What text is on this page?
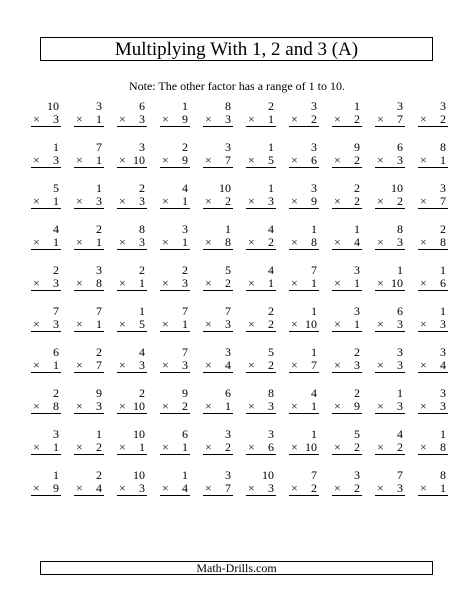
Multiplying With 1, 2 and 3 (A)
Note: The other factor has a range of 1 to 10.
10
× 3
3
× 1
6
× 3
1
× 9
8
× 3
2
× 1
3
× 2
1
× 2
3
× 7
3
× 2
1
× 3
7
× 1
3
× 10
2
× 9
3
× 7
1
× 5
3
× 6
9
× 2
6
× 3
8
× 1
5
× 1
1
× 3
2
× 3
4
× 1
10
× 2
1
× 3
3
× 9
2
× 2
10
× 2
3
× 7
4
× 1
2
× 1
8
× 3
3
× 1
1
× 8
4
× 2
1
× 8
1
× 4
8
× 3
2
× 8
2
× 3
3
× 8
2
× 1
2
× 3
5
× 2
4
× 1
7
× 1
3
× 1
1
× 10
1
× 6
7
× 3
7
× 1
1
× 5
7
× 1
7
× 3
2
× 2
1
× 10
3
× 1
6
× 3
1
× 3
6
× 1
2
× 7
4
× 3
7
× 3
3
× 4
5
× 2
1
× 7
2
× 3
3
× 3
3
× 4
2
× 8
9
× 3
2
× 10
9
× 2
6
× 1
8
× 3
4
× 1
2
× 9
1
× 3
3
× 3
3
× 1
1
× 2
10
× 1
6
× 1
3
× 2
3
× 6
1
× 10
5
× 2
4
× 2
1
× 8
1
× 9
2
× 4
10
× 3
1
× 4
3
× 7
10
× 3
7
× 2
3
× 2
7
× 3
8
× 1
Math-Drills.com
